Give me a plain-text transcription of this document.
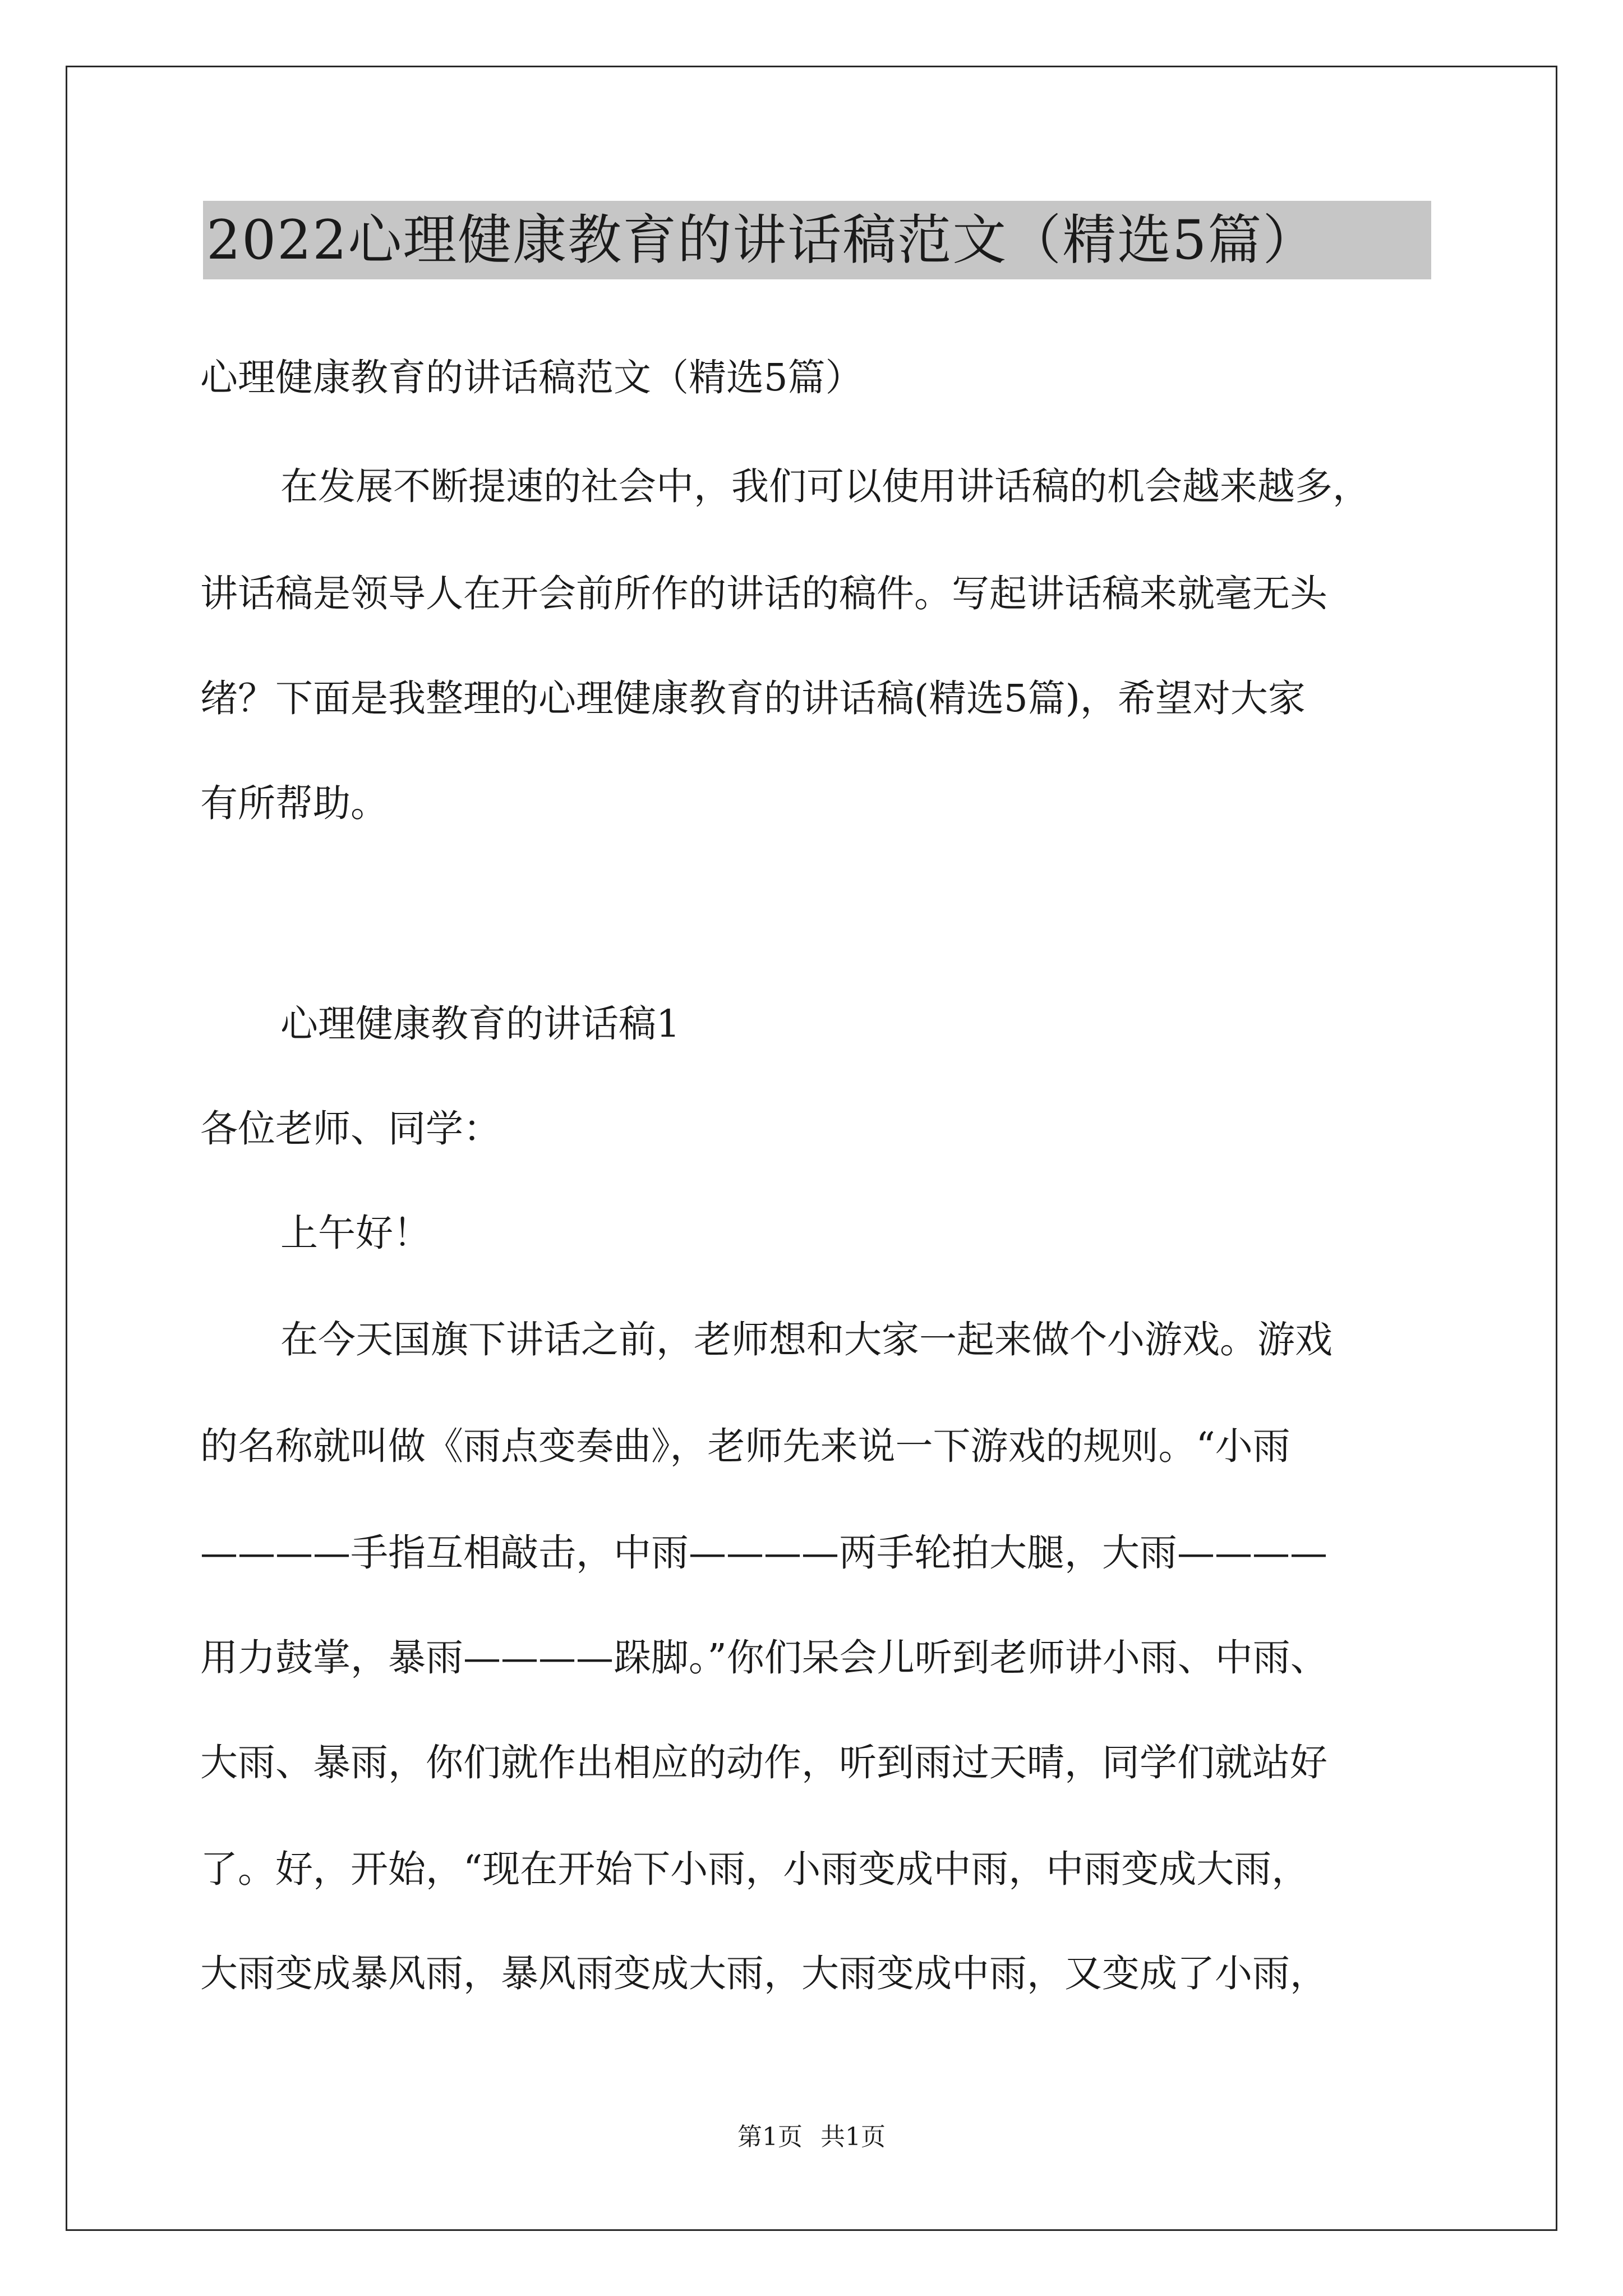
2022心理健康教育的讲话稿范文（精选5篇）
心理健康教育的讲话稿范文（精选5篇）
在发展不断提速的社会中，我们可以使用讲话稿的机会越来越多，
讲话稿是领导人在开会前所作的讲话的稿件。写起讲话稿来就毫无头
绪？下面是我整理的心理健康教育的讲话稿(精选5篇)，希望对大家
有所帮助。
心理健康教育的讲话稿1
各位老师、同学：
上午好！
在今天国旗下讲话之前，老师想和大家一起来做个小游戏。游戏
的名称就叫做《雨点变奏曲》，老师先来说一下游戏的规则。“小雨
————手指互相敲击，中雨————两手轮拍大腿，大雨————
用力鼓掌，暴雨————跺脚。”你们呆会儿听到老师讲小雨、中雨、
大雨、暴雨，你们就作出相应的动作，听到雨过天晴，同学们就站好
了。好，开始，“现在开始下小雨，小雨变成中雨，中雨变成大雨，
大雨变成暴风雨，暴风雨变成大雨，大雨变成中雨，又变成了小雨，
第1页 共1页
